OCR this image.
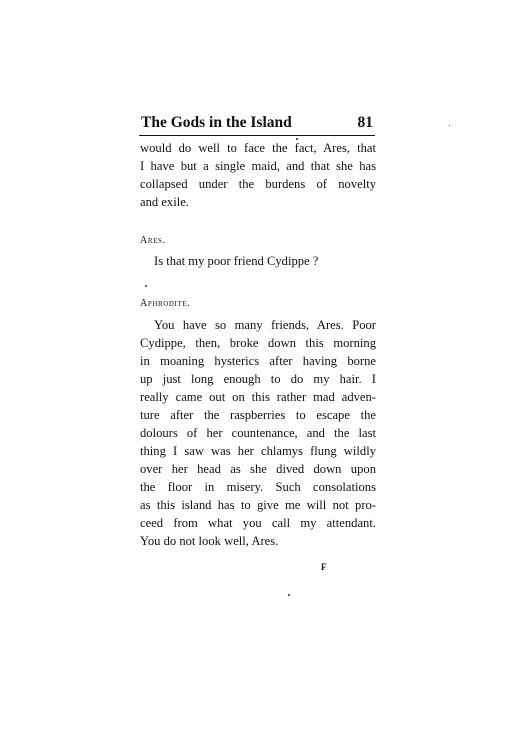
The Gods in the Island	81
would do well to face the fact, Ares, that
I have but a single maid, and that she has
collapsed under the burdens of novelty
and exile.
Ares.
Is that my poor friend Cydippe ?
Aphrodite.
You have so many friends, Ares. Poor
Cydippe, then, broke down this morning
in moaning hysterics after having borne
up just long enough to do my hair. I
really came out on this rather mad adven-
ture after the raspberries to escape the
dolours of her countenance, and the last
thing I saw was her chlamys flung wildly
over her head as she dived down upon
the floor in misery. Such consolations
as this island has to give me will not pro-
ceed from what you call my attendant.
You do not look well, Ares.
F
